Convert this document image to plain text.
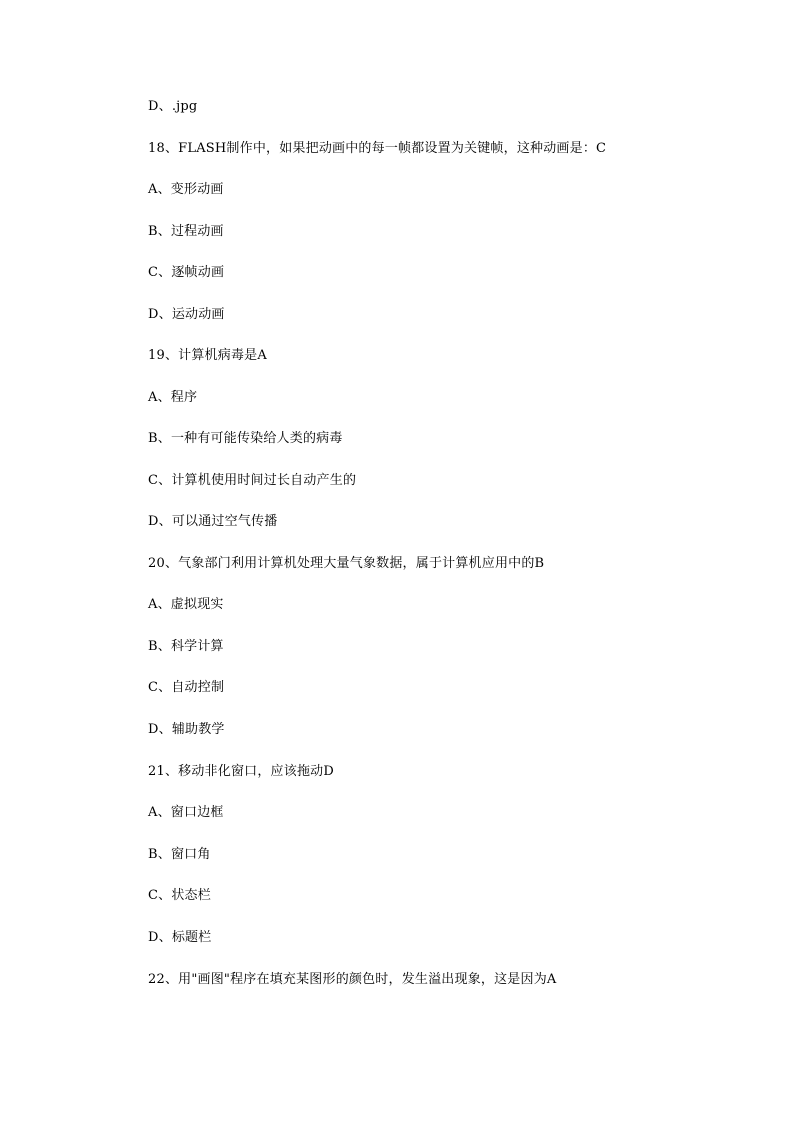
D、.jpg
18、FLASH制作中，如果把动画中的每一帧都设置为关键帧，这种动画是：C
A、变形动画
B、过程动画
C、逐帧动画
D、运动动画
19、计算机病毒是A
A、程序
B、一种有可能传染给人类的病毒
C、计算机使用时间过长自动产生的
D、可以通过空气传播
20、气象部门利用计算机处理大量气象数据，属于计算机应用中的B
A、虚拟现实
B、科学计算
C、自动控制
D、辅助教学
21、移动非化窗口，应该拖动D
A、窗口边框
B、窗口角
C、状态栏
D、标题栏
22、用"画图"程序在填充某图形的颜色时，发生溢出现象，这是因为A
